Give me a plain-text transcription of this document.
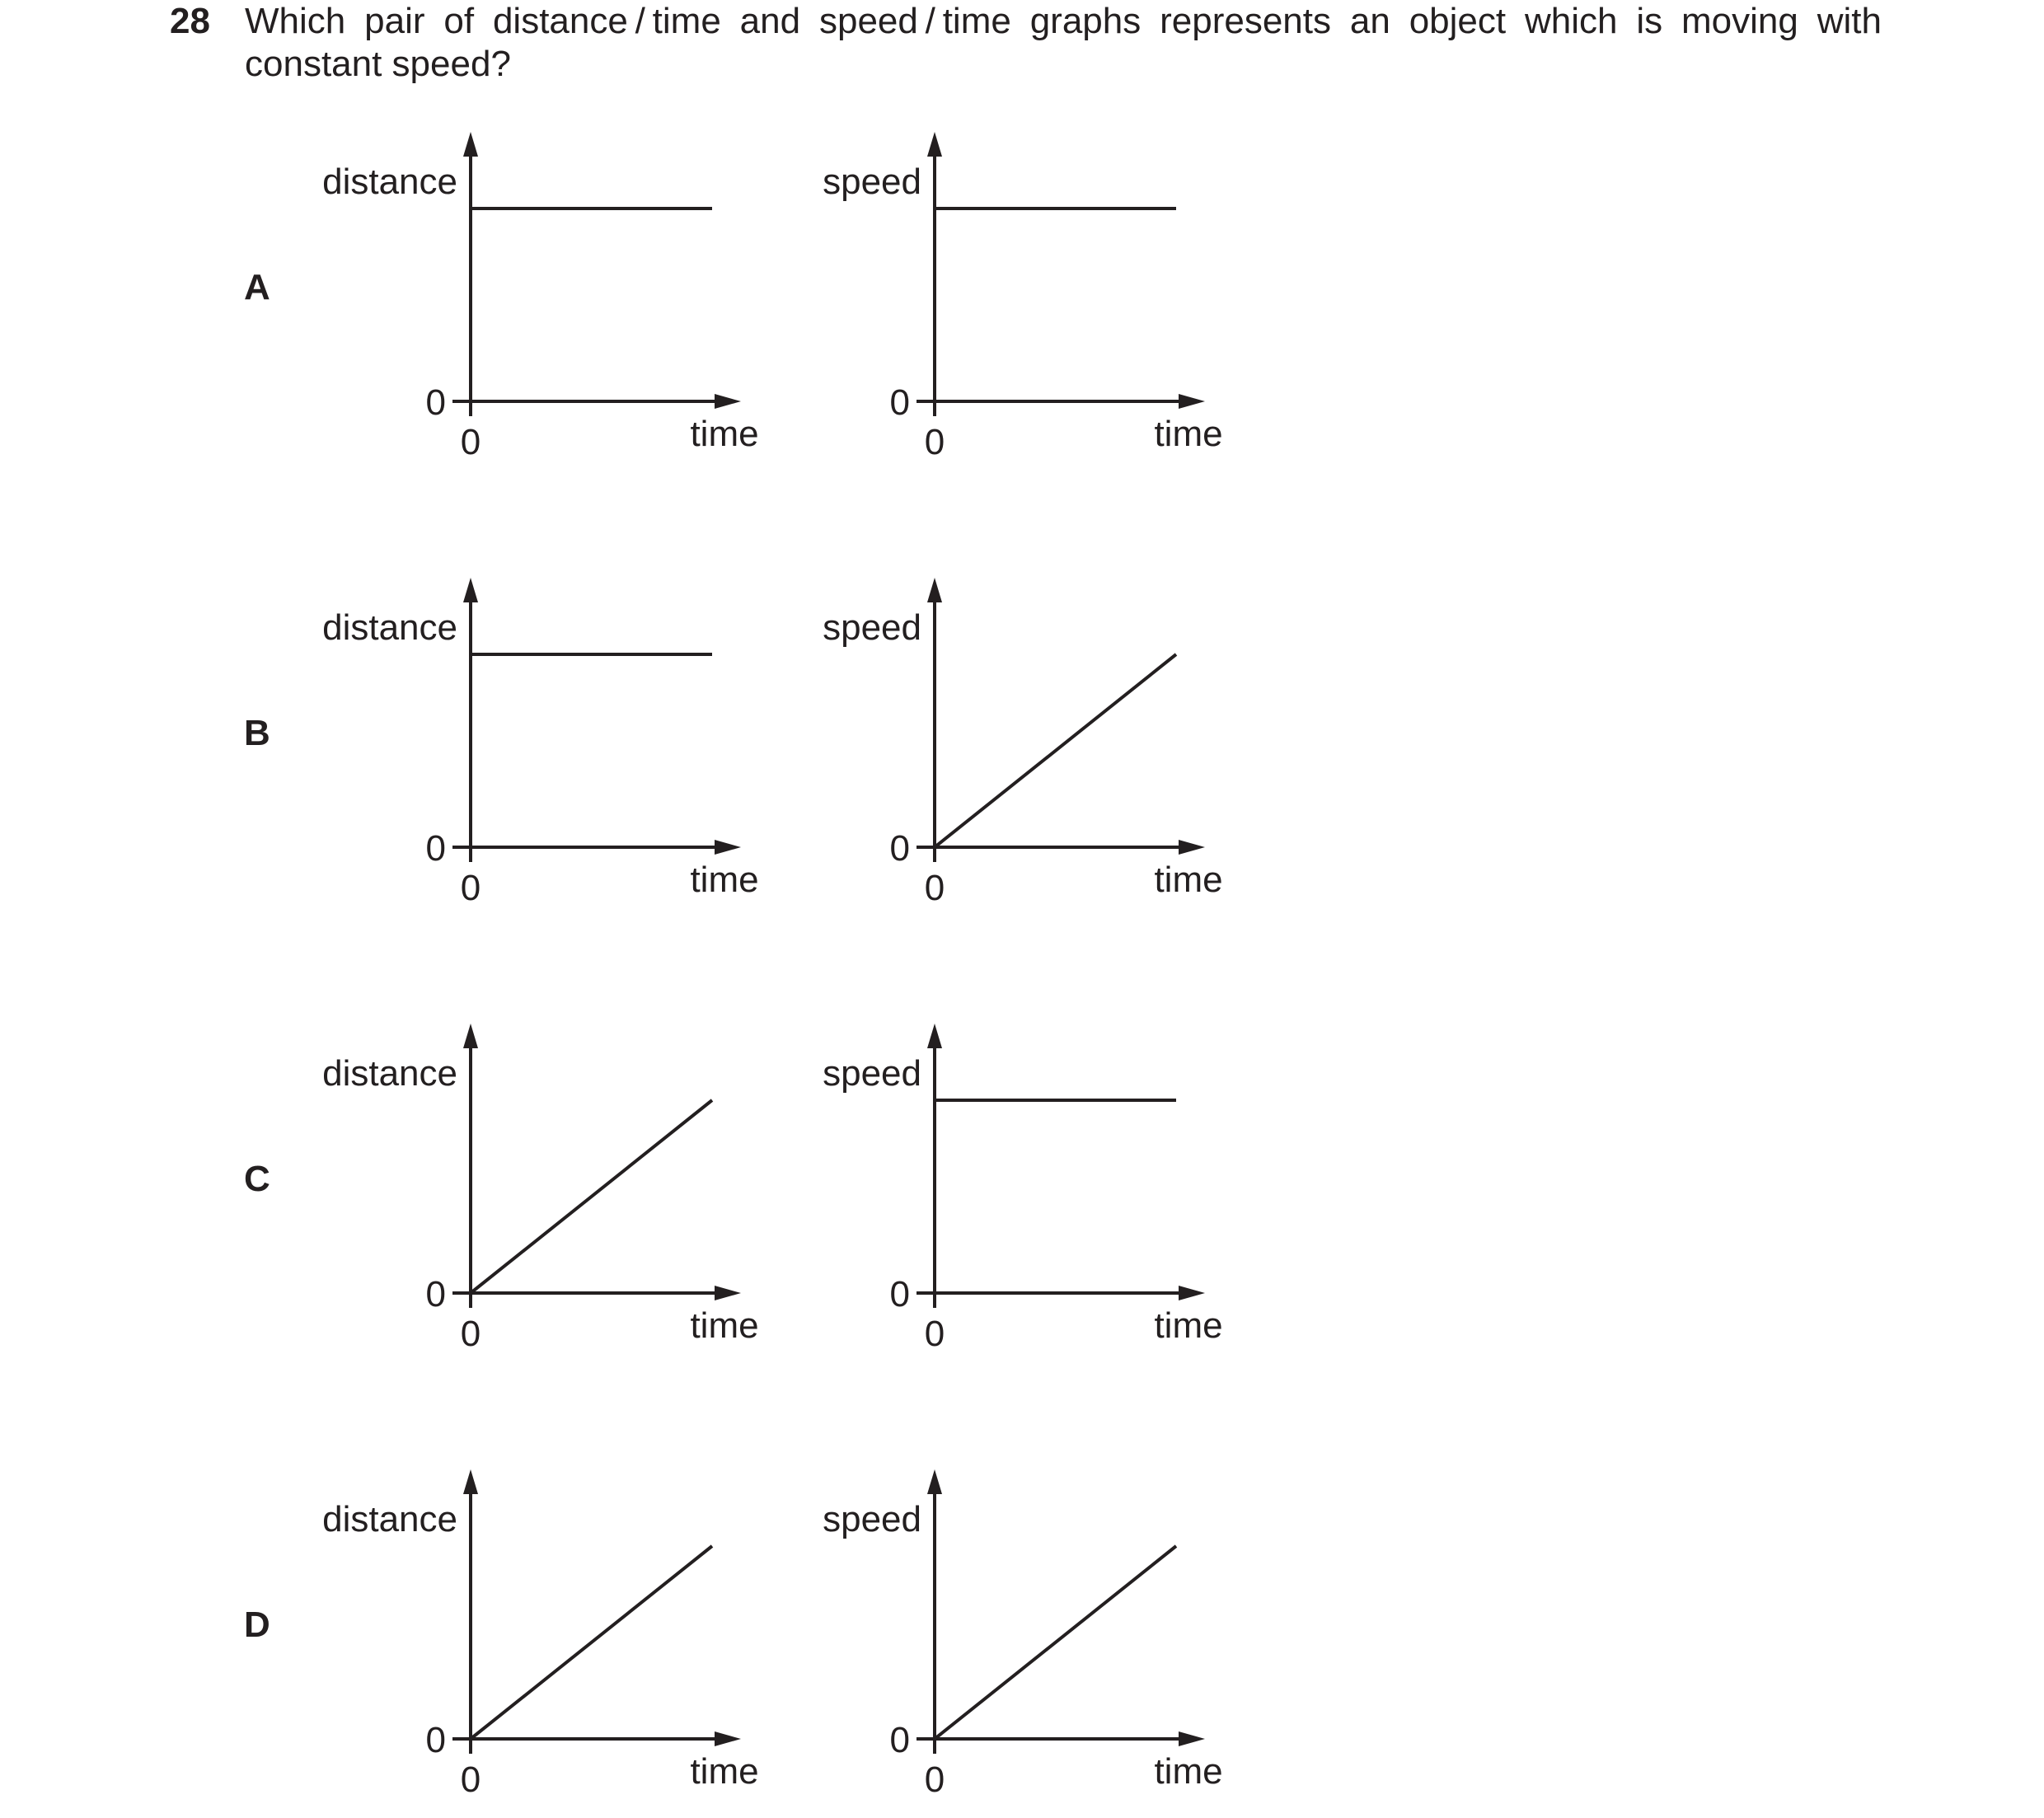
28 Which pair of distance / time and speed / time graphs represents an object which is moving with constant speed?
A
B
C
D
distance
time
0
0
speed
time
0
0
distance
time
0
0
speed
time
0
0
distance
time
0
0
speed
time
0
0
distance
time
0
0
speed
time
0
0
